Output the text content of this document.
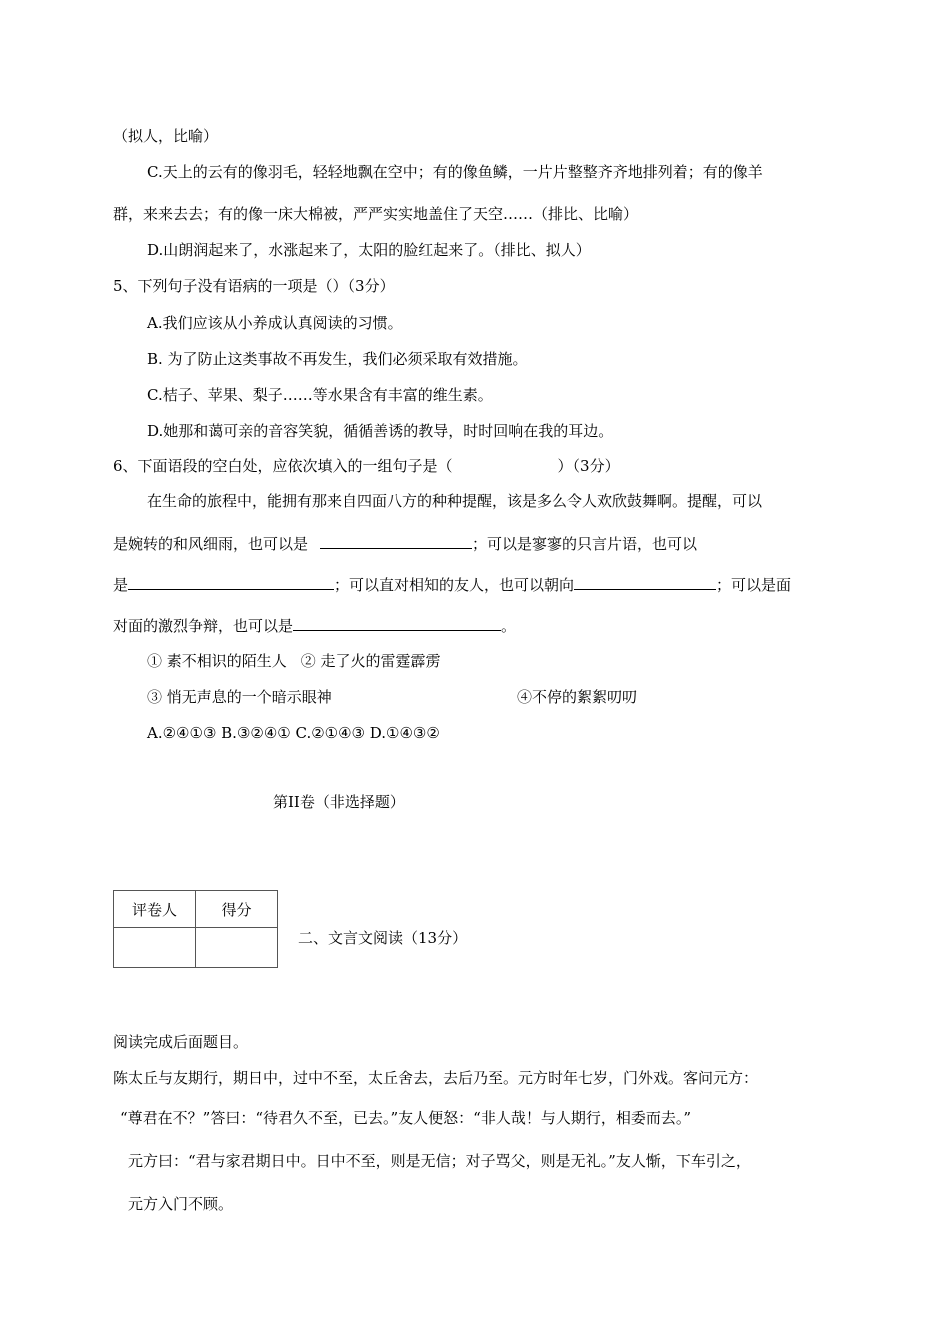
（拟人，比喻）
C.天上的云有的像羽毛，轻轻地飘在空中；有的像鱼鳞，一片片整整齐齐地排列着；有的像羊
群，来来去去；有的像一床大棉被，严严实实地盖住了天空……（排比、比喻）
D.山朗润起来了，水涨起来了，太阳的脸红起来了。（排比、拟人）
5、下列句子没有语病的一项是（）（3分）
A.我们应该从小养成认真阅读的习惯。
B. 为了防止这类事故不再发生，我们必须采取有效措施。
C.桔子、苹果、梨子……等水果含有丰富的维生素。
D.她那和蔼可亲的音容笑貌，循循善诱的教导，时时回响在我的耳边。
6、下面语段的空白处，应依次填入的一组句子是（	）（3分）
在生命的旅程中，能拥有那来自四面八方的种种提醒，该是多么令人欢欣鼓舞啊。提醒，可以
是婉转的和风细雨，也可以是	；可以是寥寥的只言片语，也可以
是	；可以直对相知的友人，也可以朝向	；可以是面
对面的激烈争辩，也可以是	。
① 素不相识的陌生人 ② 走了火的雷霆霹雳
③ 悄无声息的一个暗示眼神	④不停的絮絮叨叨
A.②④①③ B.③②④① C.②①④③ D.①④③②
第II卷（非选择题）
评卷人	得分

二、文言文阅读（13分）
阅读完成后面题目。
陈太丘与友期行，期日中，过中不至，太丘舍去，去后乃至。元方时年七岁，门外戏。客问元方：
“尊君在不？”答曰：“待君久不至，已去。”友人便怒：“非人哉！与人期行，相委而去。”
元方曰：“君与家君期日中。日中不至，则是无信；对子骂父，则是无礼。”友人惭，下车引之，
元方入门不顾。
